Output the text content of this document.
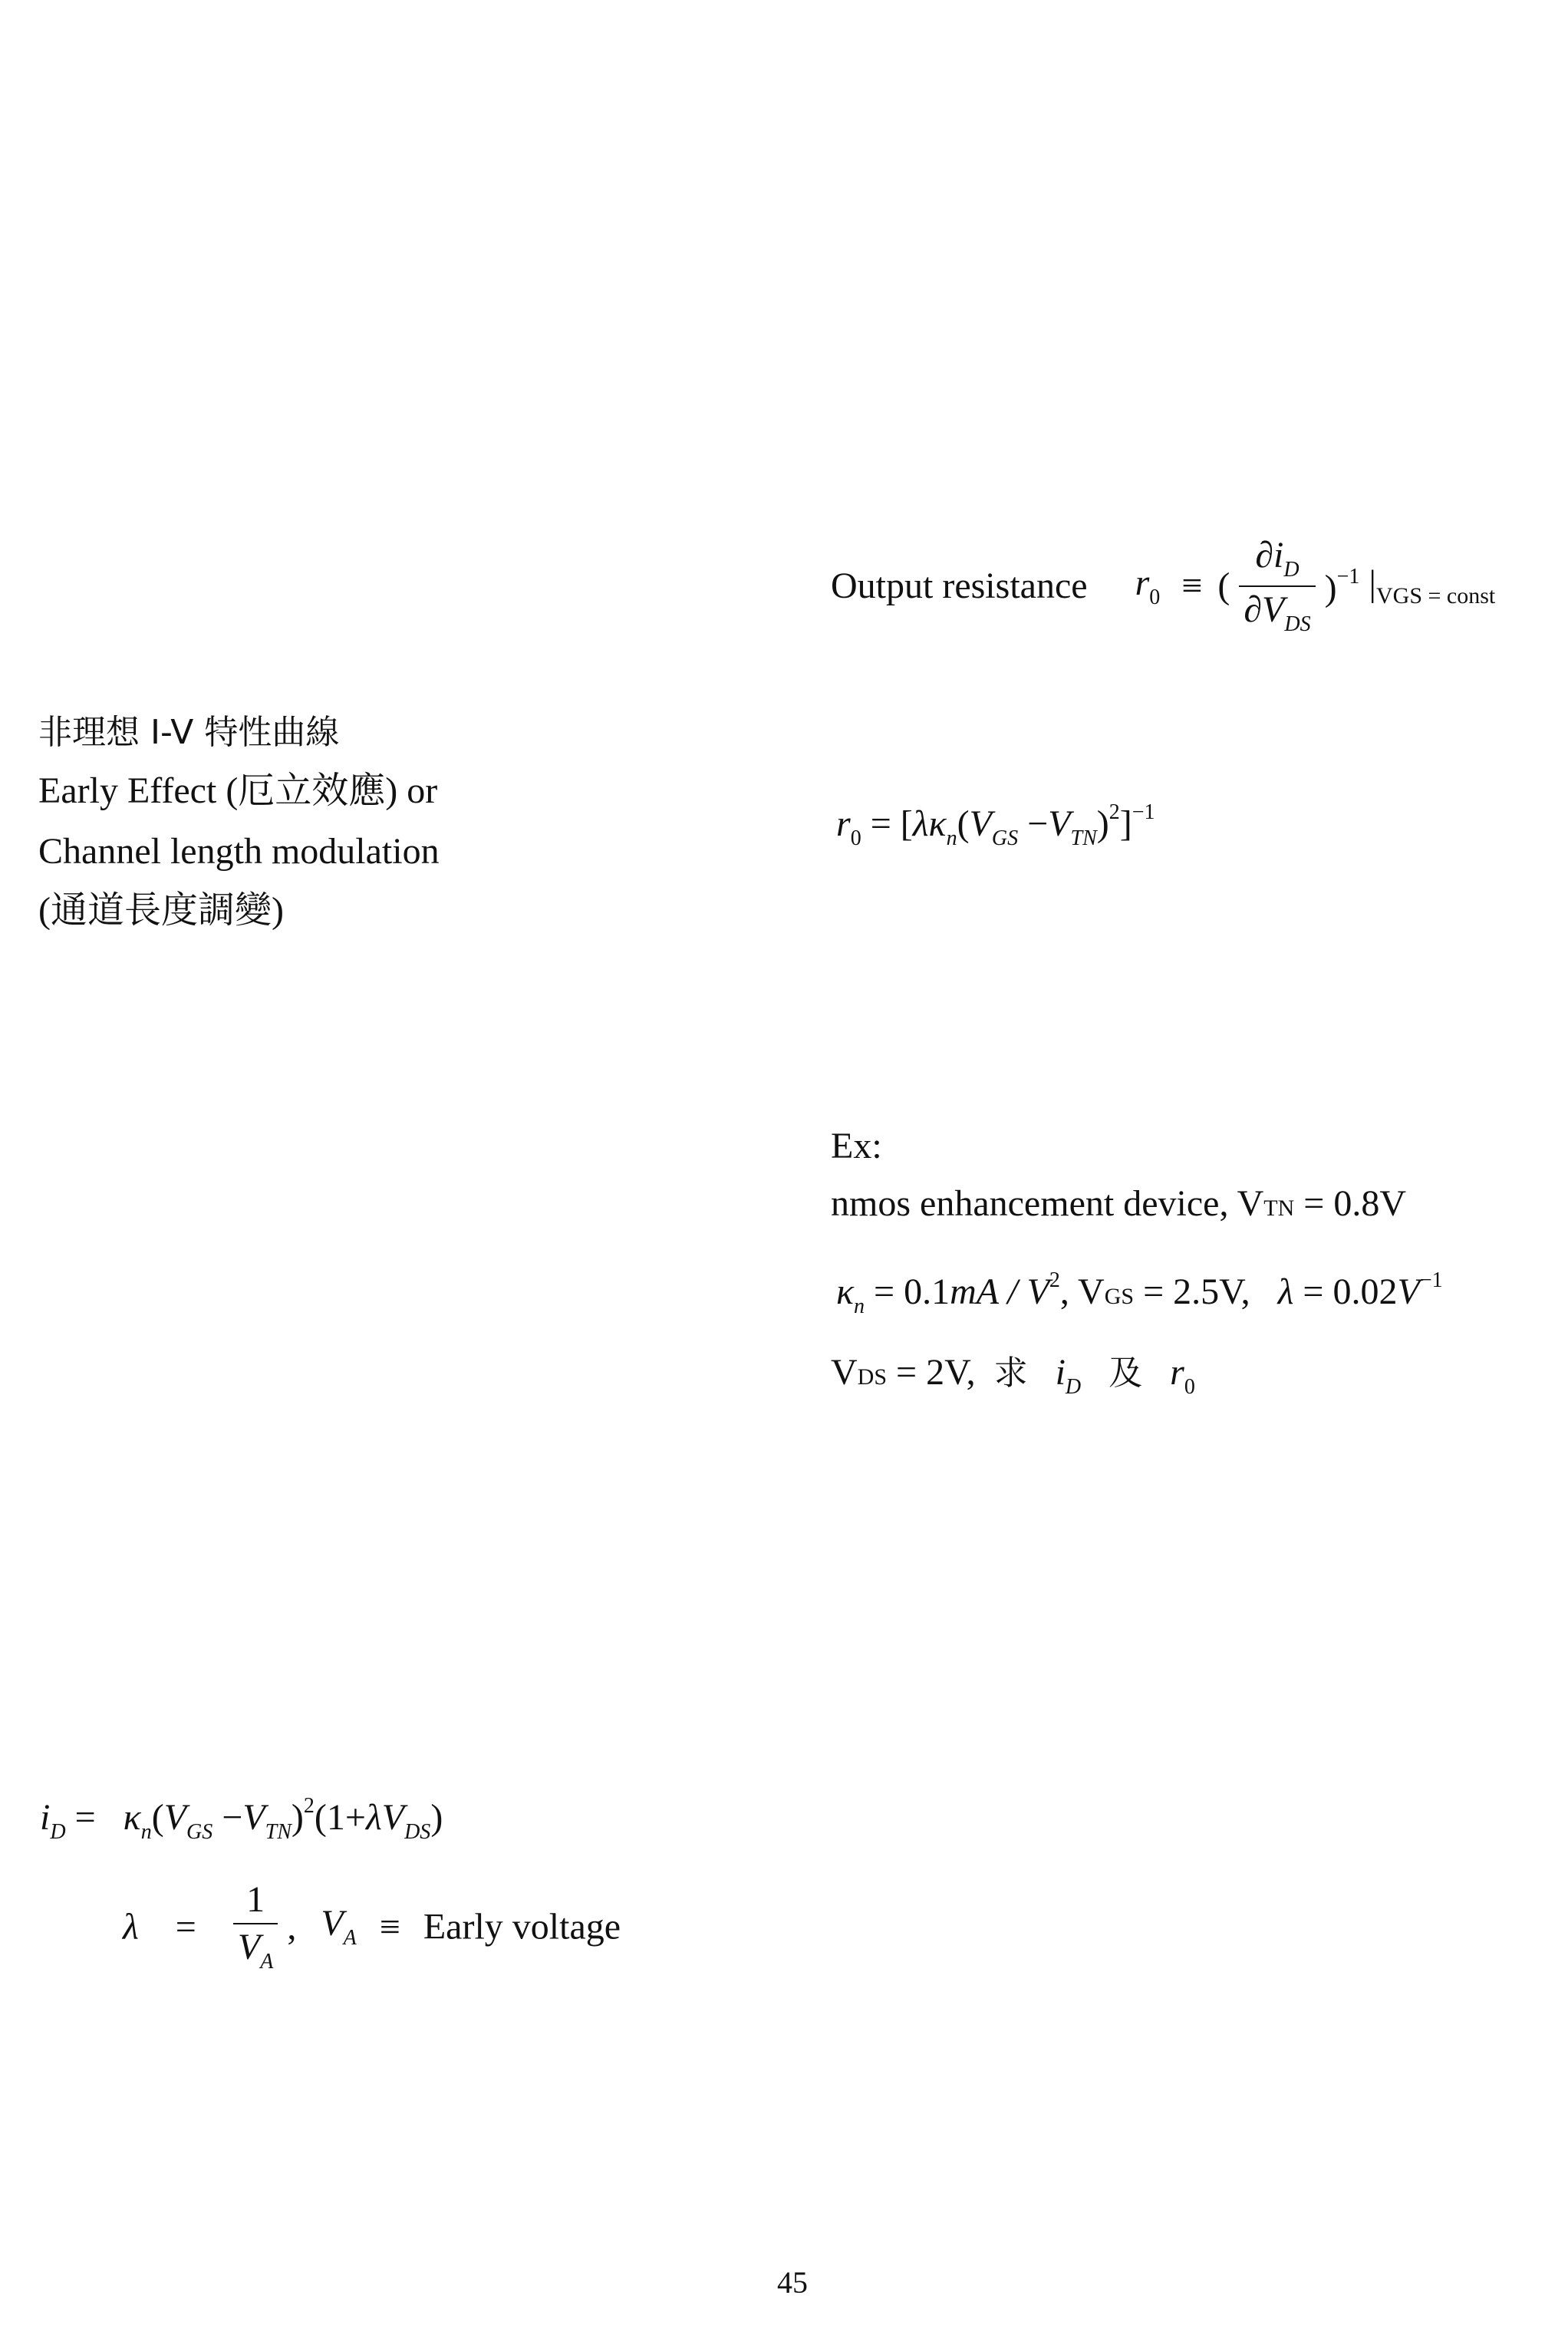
非理想 I-V 特性曲線
Early Effect (厄立效應) or
Channel length modulation
(通道長度調變)
$i_D = \kappa_n(V_{GS} -V_{TN})^2(1+\lambda V_{DS})$
$\lambda = \frac{1}{V_A}$ , $V_A$ ≡ Early voltage
Output resistance $r_0$ ≡ ( $\frac{\partial i_D}{\partial V_{DS}} )^{-1}$ $|_{VGS = const}$
$r_0 = [\lambda\kappa_n(V_{GS} -V_{TN})^2]^{-1}$
Ex:
nmos enhancement device, VTN = 0.8V
$\kappa_n = 0.1mA / V^2$, VGS = 2.5V, $\lambda = 0.02V^{-1}$
VDS = 2V, 求 $i_D$ 及 $r_0$
45
